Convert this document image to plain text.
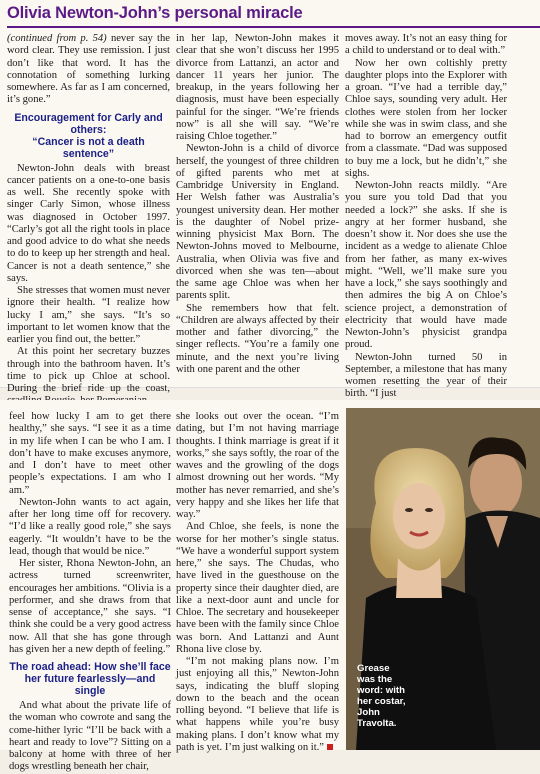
Olivia Newton-John’s personal miracle

(continued from p. 54) never say the word clear. They use remission. I just don’t like that word. It has the connotation of something lurking somewhere. As far as I am concerned, it’s gone.”

Encouragement for Carly and others:
“Cancer is not a death sentence”

Newton-John deals with breast cancer patients on a one-to-one basis as well. She recently spoke with singer Carly Simon, whose illness was diagnosed in October 1997. “Carly’s got all the right tools in place and good advice to do what she needs to do to keep up her strength and heal. Cancer is not a death sentence,” she says.

She stresses that women must never ignore their health. “I realize how lucky I am,” she says. “It’s so important to let women know that the earlier you find out, the better.”

At this point her secretary buzzes through into the bathroom haven. It’s time to pick up Chloe at school. During the brief ride up the coast,

in her lap, Newton-John makes it clear that she won’t discuss her 1995 divorce from Lattanzi, an actor and dancer 11 years her junior. The breakup, in the years following her diagnosis, must have been especially painful for the singer. “We’re friends now” is all she will say. “We’re raising Chloe together.”

Newton-John is a child of divorce herself, the youngest of three children of gifted parents who met at Cambridge University in England. Her Welsh father was Australia’s youngest university dean. Her mother is the daughter of Nobel prize-winning physicist Max Born. The Newton-Johns moved to Melbourne, Australia, when Olivia was five and divorced when she was ten—about the same age Chloe was when her parents split.

She remembers how that felt. “Children are always affected by their mother and father divorcing,” the singer reflects. “You’re a family one minute, and the next you’re living with one parent and the other

moves away. It’s not an easy thing for a child to understand or to deal with.”

Now her own coltishly pretty daughter plops into the Explorer with a groan. “I’ve had a terrible day,” Chloe says, sounding very adult. Her clothes were stolen from her locker while she was in swim class, and she had to borrow an emergency outfit from a classmate. “Dad was supposed to buy me a lock, but he didn’t,” she sighs.

Newton-John reacts mildly. “Are you sure you told Dad that you needed a lock?” she asks. If she is angry at her former husband, she doesn’t show it. Nor does she use the incident as a wedge to alienate Chloe from her father, as many ex-wives might. “Well, we’ll make sure you have a lock,” she says soothingly and then admires the big A on Chloe’s science project, a demonstration of electricity that would have made Newton-John’s physicist grandpa proud.

Newton-John turned 50 in September, a milestone that has many women resetting the year of their birth. “I just

feel how lucky I am to get there healthy,” she says. “I see it as a time in my life when I can be who I am. I don’t have to make excuses anymore, and I don’t have to meet other people’s expectations. I am who I am.”

Newton-John wants to act again, after her long time off for recovery. “I’d like a really good role,” she says eagerly. “It wouldn’t have to be the lead, though that would be nice.”

Her sister, Rhona Newton-John, an actress turned screenwriter, encourages her ambitions. “Olivia is a performer, and she draws from that sense of acceptance,” she says. “I think she could be a very good actress now. All that she has gone through has given her a new depth of feeling.”

The road ahead: How she’ll face
her future fearlessly—and single

And what about the private life of the woman who cowrote and sang the come-hither lyric “I’ll be back with a heart and ready to love”? Sitting on a balcony at home with three of her dogs wrestling beneath her chair,

she looks out over the ocean. “I’m dating, but I’m not having marriage thoughts. I think marriage is great if it works,” she says softly, the roar of the waves and the growling of the dogs almost drowning out her words. “My mother has never remarried, and she’s very happy and she likes her life that way.”

And Chloe, she feels, is none the worse for her mother’s single status. “We have a wonderful support system here,” she says. The Chudas, who have lived in the guesthouse on the property since their daughter died, are like a next-door aunt and uncle for Chloe. The secretary and housekeeper have been with the family since Chloe was born. And Lattanzi and Aunt Rhona live close by.

“I’m not making plans now. I’m just enjoying all this,” Newton-John says, indicating the bluff sloping down to the beach and the ocean rolling beyond. “I believe that life is what happens while you’re busy making plans. I don’t know what my path is yet. I’m just walking on it.”

Grease
was the
word: with
her costar,
John
Travolta.
